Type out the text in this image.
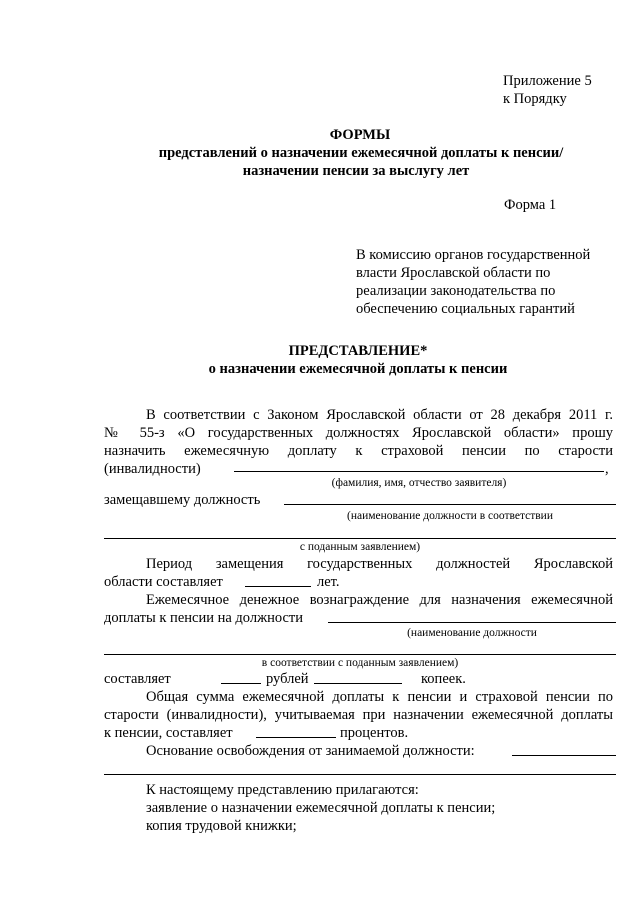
Приложение 5
к Порядку
ФОРМЫ
представлений о назначении ежемесячной доплаты к пенсии/
назначении пенсии за выслугу лет
Форма 1
В комиссию органов государственной
власти Ярославской области по
реализации законодательства по
обеспечению социальных гарантий
ПРЕДСТАВЛЕНИЕ*
о назначении ежемесячной доплаты к пенсии
В соответствии с Законом Ярославской области от 28 декабря 2011 г.
№ 55-з «О государственных должностях Ярославской области» прошу
назначить ежемесячную доплату к страховой пенсии по старости
(инвалидности)	,
(фамилия, имя, отчество заявителя)
замещавшему должность
(наименование должности в соответствии
с поданным заявлением)
Период замещения государственных должностей Ярославской
области составляет	лет.
Ежемесячное денежное вознаграждение для назначения ежемесячной
доплаты к пенсии на должности
(наименование должности
в соответствии с поданным заявлением)
составляет	рублей	копеек.
Общая сумма ежемесячной доплаты к пенсии и страховой пенсии по
старости (инвалидности), учитываемая при назначении ежемесячной доплаты
к пенсии, составляет	процентов.
Основание освобождения от занимаемой должности:
К настоящему представлению прилагаются:
заявление о назначении ежемесячной доплаты к пенсии;
копия трудовой книжки;
